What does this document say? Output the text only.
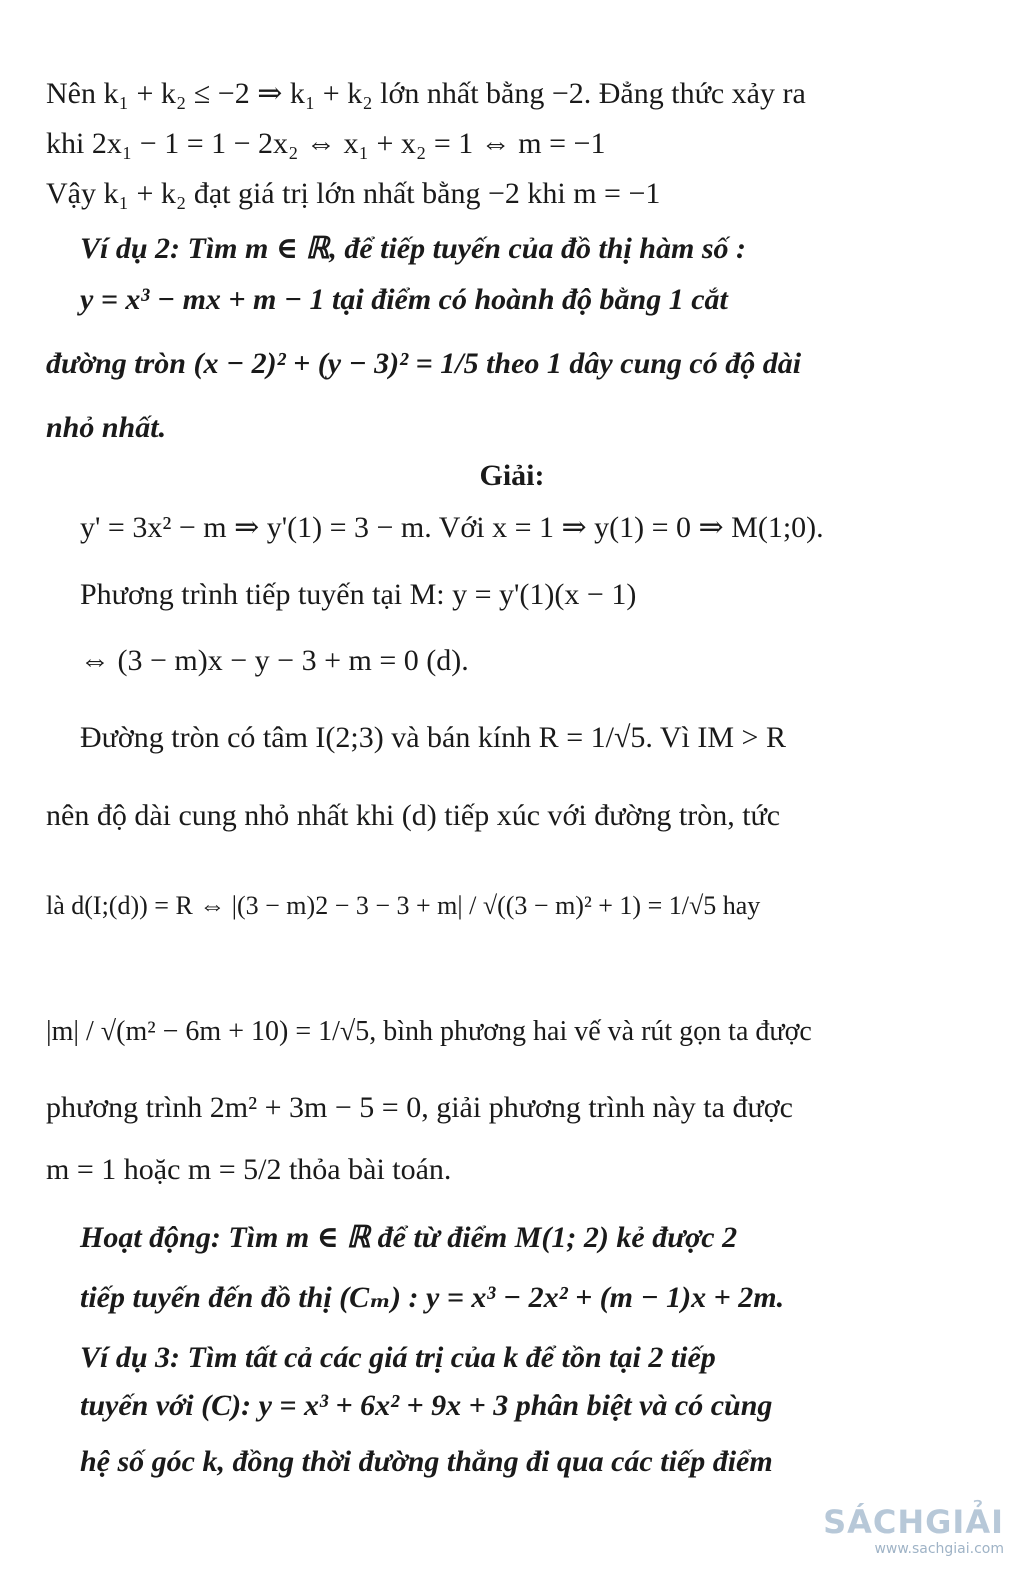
Nên k₁ + k₂ ≤ −2 ⇒ k₁ + k₂ lớn nhất bằng −2. Đẳng thức xảy ra
khi 2x₁ − 1 = 1 − 2x₂ ⇔ x₁ + x₂ = 1 ⇔ m = −1
Vậy k₁ + k₂ đạt giá trị lớn nhất bằng −2 khi m = −1
Ví dụ 2: Tìm m ∈ ℝ, để tiếp tuyến của đồ thị hàm số :
y = x³ − mx + m − 1 tại điểm có hoành độ bằng 1 cắt
đường tròn (x − 2)² + (y − 3)² = 1/5 theo 1 dây cung có độ dài
nhỏ nhất.
Giải:
y' = 3x² − m ⇒ y'(1) = 3 − m. Với x = 1 ⇒ y(1) = 0 ⇒ M(1;0).
Phương trình tiếp tuyến tại M: y = y'(1)(x − 1)
⇔ (3 − m)x − y − 3 + m = 0 (d).
Đường tròn có tâm I(2;3) và bán kính R = 1/√5. Vì IM > R
nên độ dài cung nhỏ nhất khi (d) tiếp xúc với đường tròn, tức
là d(I;(d)) = R ⇔ |(3 − m)2 − 3 − 3 + m| / √((3 − m)² + 1) = 1/√5 hay
|m| / √(m² − 6m + 10) = 1/√5, bình phương hai vế và rút gọn ta được
phương trình 2m² + 3m − 5 = 0, giải phương trình này ta được
m = 1 hoặc m = 5/2 thỏa bài toán.
Hoạt động: Tìm m ∈ ℝ để từ điểm M(1; 2) kẻ được 2
tiếp tuyến đến đồ thị (Cₘ) : y = x³ − 2x² + (m − 1)x + 2m.
Ví dụ 3: Tìm tất cả các giá trị của k để tồn tại 2 tiếp
tuyến với (C): y = x³ + 6x² + 9x + 3 phân biệt và có cùng
hệ số góc k, đồng thời đường thẳng đi qua các tiếp điểm
SÁCHGIẢI
www.sachgiai.com
